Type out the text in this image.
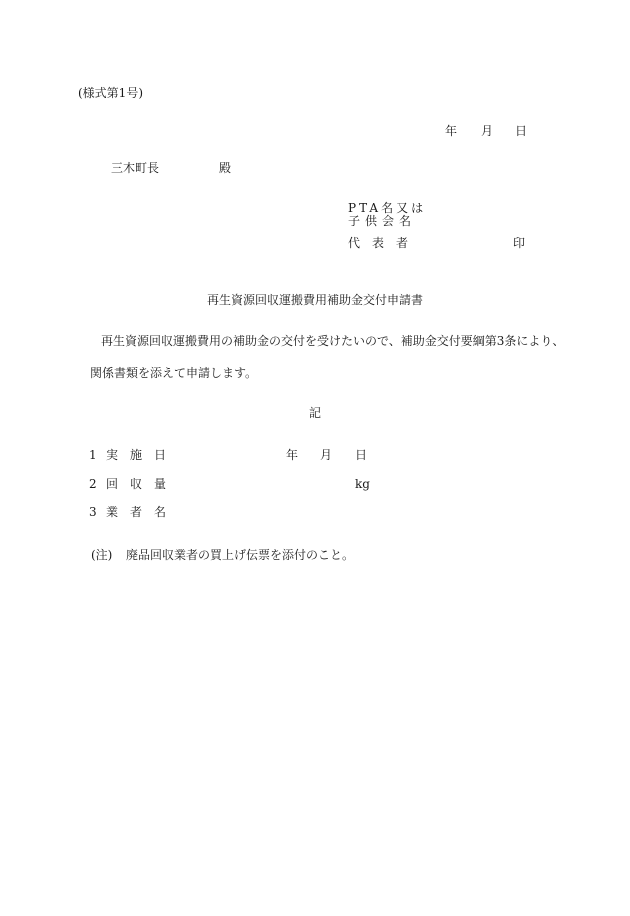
(様式第1号)
年 月 日
三木町長	殿
PTA名又は
子供会名
代　表　者	印
再生資源回収運搬費用補助金交付申請書
再生資源回収運搬費用の補助金の交付を受けたいので、補助金交付要綱第3条により、
関係書類を添えて申請します。
記
1 実　施　日	年 月 日
2 回　収　量	kg
3 業　者　名
(注) 廃品回収業者の買上げ伝票を添付のこと。
